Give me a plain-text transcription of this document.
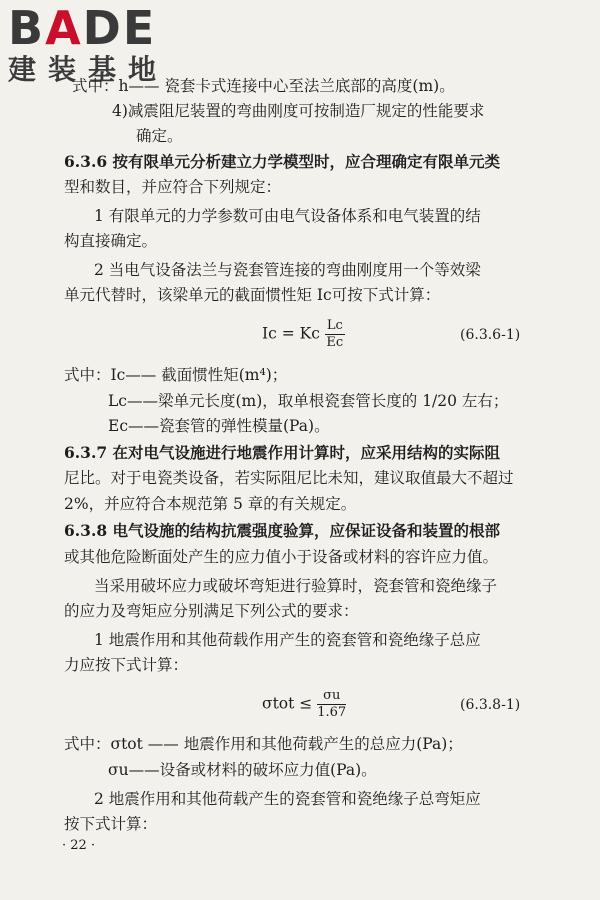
BADE
建装基地
式中：h—— 瓷套卡式连接中心至法兰底部的高度(m)。
4)减震阻尼装置的弯曲刚度可按制造厂规定的性能要求
确定。
6.3.6 按有限单元分析建立力学模型时，应合理确定有限单元类
型和数目，并应符合下列规定：
1 有限单元的力学参数可由电气设备体系和电气装置的结
构直接确定。
2 当电气设备法兰与瓷套管连接的弯曲刚度用一个等效梁
单元代替时，该梁单元的截面惯性矩 Ic可按下式计算：
Ic = Kc $\frac{Lc}{Ec}$	(6.3.6-1)
式中：Ic—— 截面惯性矩(m⁴)；
Lc——梁单元长度(m)，取单根瓷套管长度的 1/20 左右；
Ec——瓷套管的弹性模量(Pa)。
6.3.7 在对电气设施进行地震作用计算时，应采用结构的实际阻
尼比。对于电瓷类设备，若实际阻尼比未知，建议取值最大不超过
2%，并应符合本规范第 5 章的有关规定。
6.3.8 电气设施的结构抗震强度验算，应保证设备和装置的根部
或其他危险断面处产生的应力值小于设备或材料的容许应力值。
当采用破坏应力或破坏弯矩进行验算时，瓷套管和瓷绝缘子
的应力及弯矩应分别满足下列公式的要求：
1 地震作用和其他荷载作用产生的瓷套管和瓷绝缘子总应
力应按下式计算：
$\sigma tot \le \frac{\sigma u}{1.67}$	(6.3.8-1)
式中：σtot —— 地震作用和其他荷载产生的总应力(Pa)；
σu——设备或材料的破坏应力值(Pa)。
2 地震作用和其他荷载产生的瓷套管和瓷绝缘子总弯矩应
按下式计算：
· 22 ·
